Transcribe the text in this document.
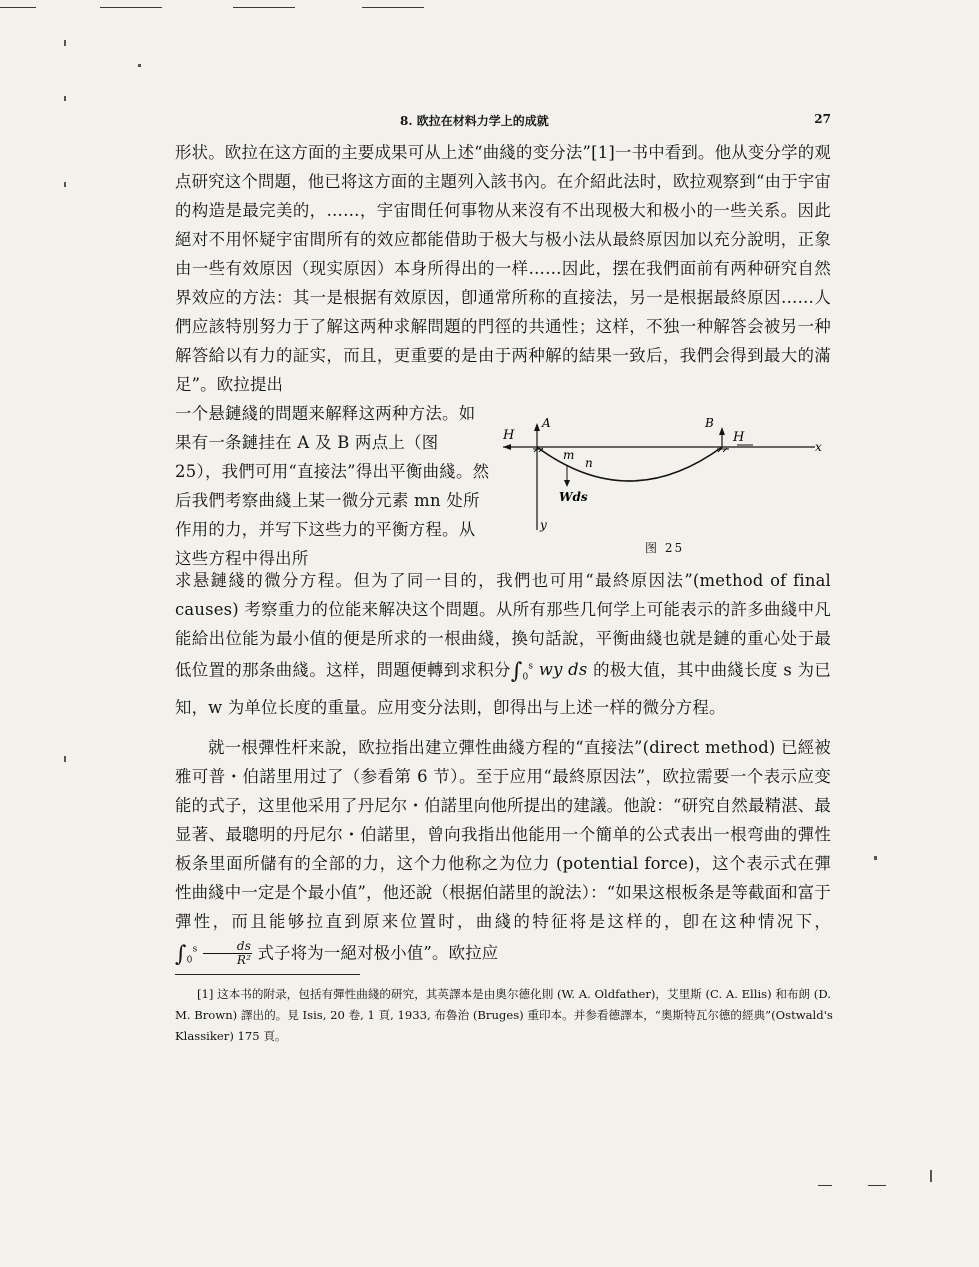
8. 欧拉在材料力学上的成就	27
形状。欧拉在这方面的主要成果可从上述“曲綫的变分法”[1]一书中看到。他从变分学的观点研究这个問題，他已将这方面的主題列入該书內。在介紹此法时，欧拉观察到“由于宇宙的构造是最完美的，……，宇宙間任何事物从来沒有不出现极大和极小的一些关系。因此絕对不用怀疑宇宙間所有的效应都能借助于极大与极小法从最終原因加以充分說明，正象由一些有效原因（现实原因）本身所得出的一样……因此，摆在我們面前有两种研究自然界效应的方法：其一是根据有效原因，卽通常所称的直接法，另一是根据最終原因……人們应該特別努力于了解这两种求解問題的門徑的共通性；这样，不独一种解答会被另一种解答給以有力的証实，而且，更重要的是由于两种解的結果一致后，我們会得到最大的滿足”。欧拉提出
一个悬鏈綫的問題来解释这两种方法。如果有一条鏈挂在 A 及 B 两点上（图 25），我們可用“直接法”得出平衡曲綫。然后我們考察曲綫上某一微分元素 mn 处所作用的力，并写下这些力的平衡方程。从这些方程中得出所
H
A	B
H
x
m
n
Wds
y
图 25
求悬鏈綫的微分方程。但为了同一目的，我們也可用“最終原因法”(method of final causes) 考察重力的位能来解决这个問題。从所有那些几何学上可能表示的許多曲綫中凡能給出位能为最小值的便是所求的一根曲綫，換句話說，平衡曲綫也就是鏈的重心处于最低位置的那条曲綫。这样，問題便轉到求积分$\int_0^s$ wy ds 的极大值，其中曲綫长度 s 为已知，w 为单位长度的重量。应用变分法則，卽得出与上述一样的微分方程。
就一根彈性杆来說，欧拉指出建立彈性曲綫方程的“直接法”(direct method) 已經被雅可普・伯諾里用过了（参看第 6 节）。至于应用“最終原因法”，欧拉需要一个表示应变能的式子，这里他采用了丹尼尔・伯諾里向他所提出的建議。他說：“研究自然最精湛、最显著、最聰明的丹尼尔・伯諾里，曾向我指出他能用一个簡单的公式表出一根弯曲的彈性板条里面所儲有的全部的力，这个力他称之为位力 (potential force)，这个表示式在彈性曲綫中一定是个最小值”，他还說（根据伯諾里的說法）：“如果这根板条是等截面和富于彈性，而且能够拉直到原来位置时，曲綫的特征将是这样的，卽在这种情况下，$\int_0^s \frac{ds}{\text{R²}}$ 式子将为一絕对极小值”。欧拉应
[1] 这本书的附录，包括有彈性曲綫的研究，其英譯本是由奧尔德化則 (W. A. Oldfather)，艾里斯 (C. A. Ellis) 和布朗 (D. M. Brown) 譯出的。見 Isis, 20 卷, 1 頁, 1933, 布魯治 (Bruges) 重印本。并参看德譯本，“奧斯特瓦尔德的經典”(Ostwald's Klassiker) 175 頁。
